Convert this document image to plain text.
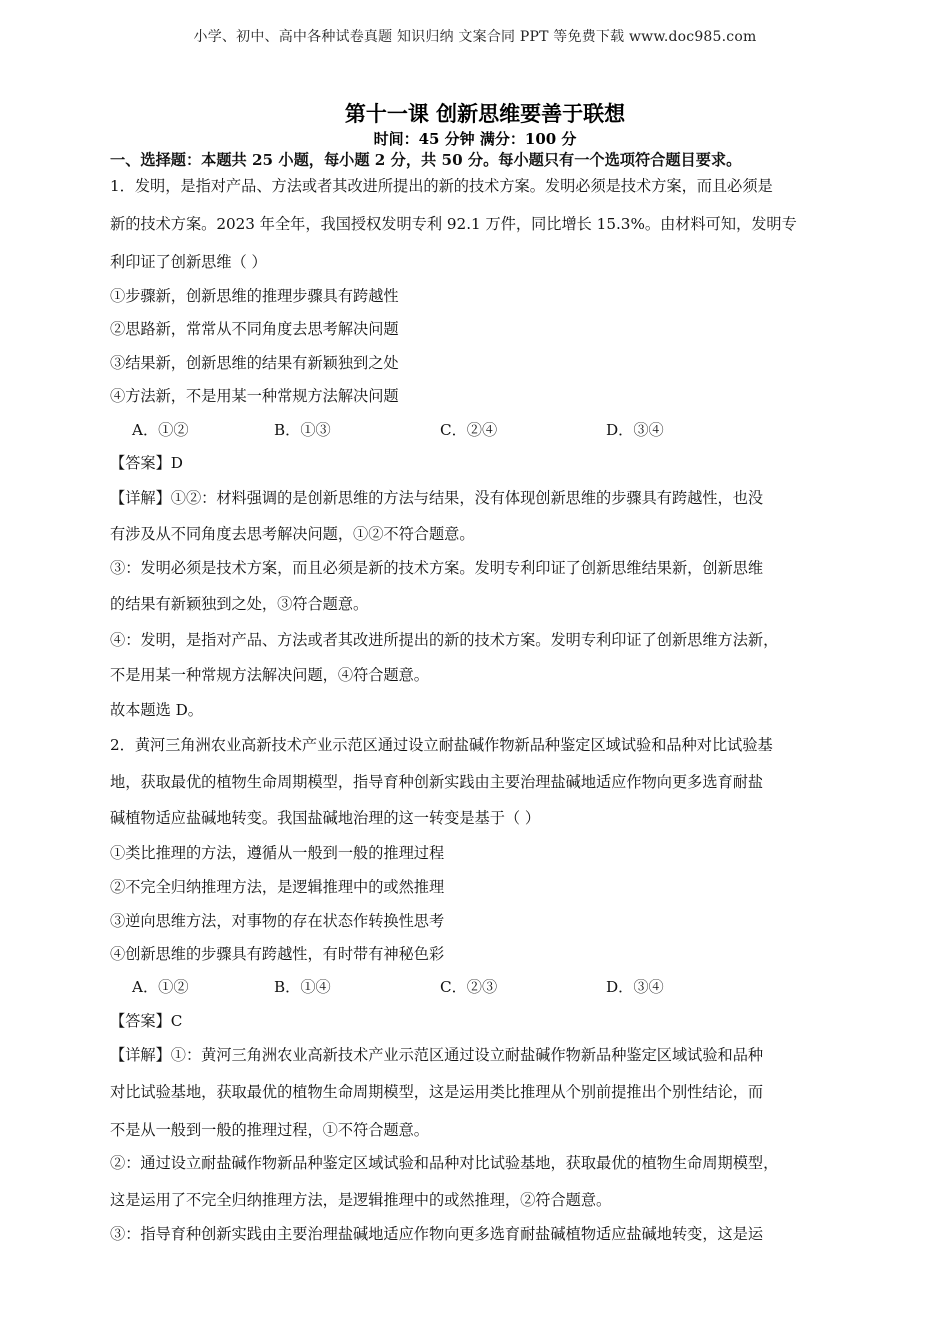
小学、初中、高中各种试卷真题 知识归纳 文案合同 PPT 等免费下载 www.doc985.com
第十一课 创新思维要善于联想
时间：45 分钟 满分：100 分
一、选择题：本题共 25 小题，每小题 2 分，共 50 分。每小题只有一个选项符合题目要求。
1．发明，是指对产品、方法或者其改进所提出的新的技术方案。发明必须是技术方案，而且必须是
新的技术方案。2023 年全年，我国授权发明专利 92.1 万件，同比增长 15.3%。由材料可知，发明专
利印证了创新思维（ ）
①步骤新，创新思维的推理步骤具有跨越性
②思路新，常常从不同角度去思考解决问题
③结果新，创新思维的结果有新颖独到之处
④方法新，不是用某一种常规方法解决问题
A．①②	B．①③	C．②④	D．③④
【答案】D
【详解】①②：材料强调的是创新思维的方法与结果，没有体现创新思维的步骤具有跨越性，也没
有涉及从不同角度去思考解决问题，①②不符合题意。
③：发明必须是技术方案，而且必须是新的技术方案。发明专利印证了创新思维结果新，创新思维
的结果有新颖独到之处，③符合题意。
④：发明，是指对产品、方法或者其改进所提出的新的技术方案。发明专利印证了创新思维方法新，
不是用某一种常规方法解决问题，④符合题意。
故本题选 D。
2．黄河三角洲农业高新技术产业示范区通过设立耐盐碱作物新品种鉴定区域试验和品种对比试验基
地，获取最优的植物生命周期模型，指导育种创新实践由主要治理盐碱地适应作物向更多选育耐盐
碱植物适应盐碱地转变。我国盐碱地治理的这一转变是基于（ ）
①类比推理的方法，遵循从一般到一般的推理过程
②不完全归纳推理方法，是逻辑推理中的或然推理
③逆向思维方法，对事物的存在状态作转换性思考
④创新思维的步骤具有跨越性，有时带有神秘色彩
A．①②	B．①④	C．②③	D．③④
【答案】C
【详解】①：黄河三角洲农业高新技术产业示范区通过设立耐盐碱作物新品种鉴定区域试验和品种
对比试验基地，获取最优的植物生命周期模型，这是运用类比推理从个别前提推出个别性结论，而
不是从一般到一般的推理过程，①不符合题意。
②：通过设立耐盐碱作物新品种鉴定区域试验和品种对比试验基地，获取最优的植物生命周期模型，
这是运用了不完全归纳推理方法，是逻辑推理中的或然推理，②符合题意。
③：指导育种创新实践由主要治理盐碱地适应作物向更多选育耐盐碱植物适应盐碱地转变，这是运
